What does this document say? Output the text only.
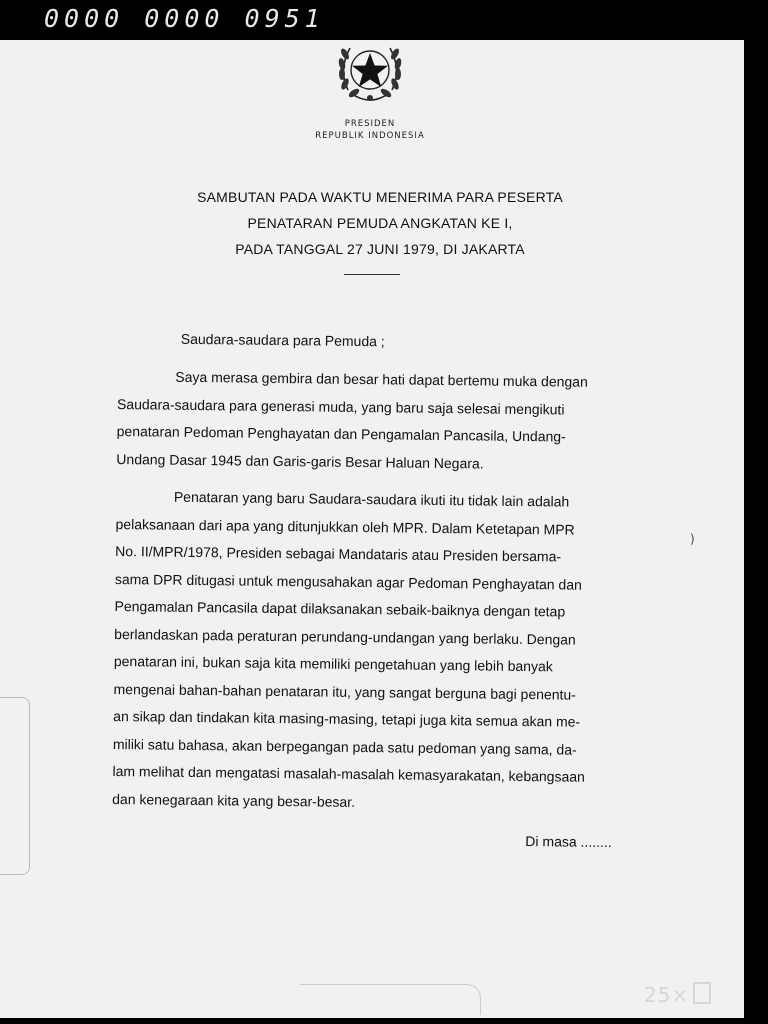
0000 0000 0951
PRESIDEN
REPUBLIK INDONESIA
SAMBUTAN PADA WAKTU MENERIMA PARA PESERTA
PENATARAN PEMUDA ANGKATAN KE I,
PADA TANGGAL 27 JUNI 1979, DI JAKARTA
Saudara-saudara para Pemuda ;
Saya merasa gembira dan besar hati dapat bertemu muka dengan
Saudara-saudara para generasi muda, yang baru saja selesai mengikuti
penataran Pedoman Penghayatan dan Pengamalan Pancasila, Undang-
Undang Dasar 1945 dan Garis-garis Besar Haluan Negara.
Penataran yang baru Saudara-saudara ikuti itu tidak lain adalah
pelaksanaan dari apa yang ditunjukkan oleh MPR. Dalam Ketetapan MPR
No. II/MPR/1978, Presiden sebagai Mandataris atau Presiden bersama-
sama DPR ditugasi untuk mengusahakan agar Pedoman Penghayatan dan
Pengamalan Pancasila dapat dilaksanakan sebaik-baiknya dengan tetap
berlandaskan pada peraturan perundang-undangan yang berlaku. Dengan
penataran ini, bukan saja kita memiliki pengetahuan yang lebih banyak
mengenai bahan-bahan penataran itu, yang sangat berguna bagi penentu-
an sikap dan tindakan kita masing-masing, tetapi juga kita semua akan me-
miliki satu bahasa, akan berpegangan pada satu pedoman yang sama, da-
lam melihat dan mengatasi masalah-masalah kemasyarakatan, kebangsaan
dan kenegaraan kita yang besar-besar.
Di masa ........
)
25×
